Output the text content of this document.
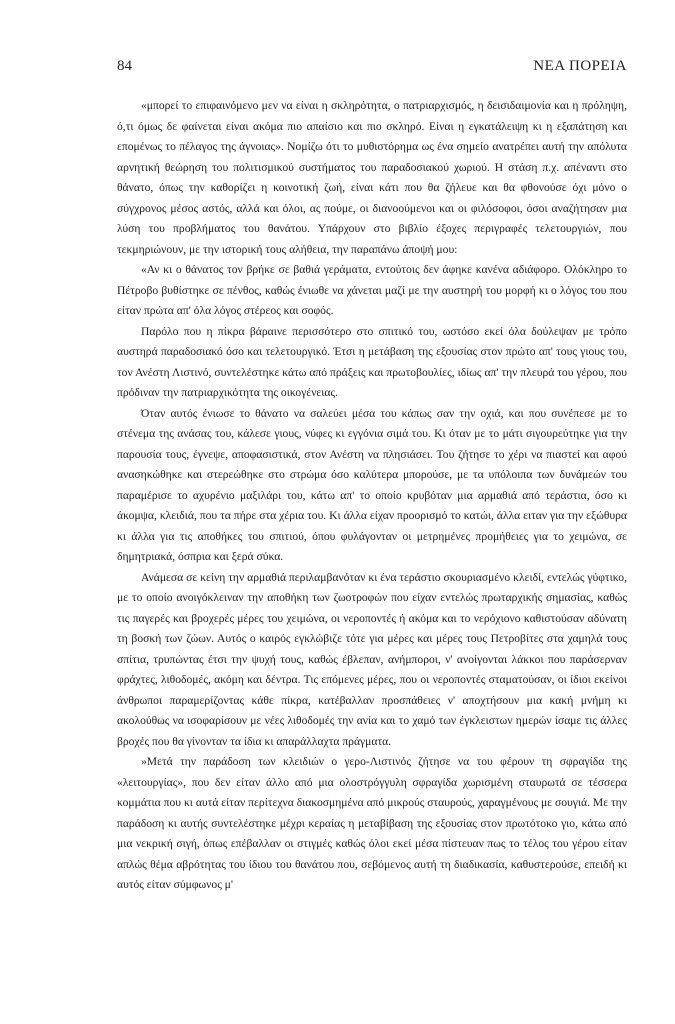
84	ΝΕΑ ΠΟΡΕΙΑ

«μπορεί το επιφαινόμενο μεν να είναι η σκληρότητα, ο πατριαρχισμός, η δεισιδαιμονία και η πρόληψη, ό,τι όμως δε φαίνεται είναι ακόμα πιο απαίσιο και πιο σκληρό. Είναι η εγκατάλειψη κι η εξαπάτηση και επομένως το πέλαγος της άγνοιας». Νομίζω ότι το μυθιστόρημα ως ένα σημείο ανατρέπει αυτή την απόλυτα αρνητική θεώρηση του πολιτισμικού συστήματος του παραδοσιακού χωριού. Η στάση π.χ. απέναντι στο θάνατο, όπως την καθορίζει η κοινοτική ζωή, είναι κάτι που θα ζήλευε και θα φθονούσε όχι μόνο ο σύγχρονος μέσος αστός, αλλά και όλοι, ας πούμε, οι διανοούμενοι και οι φιλόσοφοι, όσοι αναζήτησαν μια λύση του προβλήματος του θανάτου. Υπάρχουν στο βιβλίο έξοχες περιγραφές τελετουργιών, που τεκμηριώνουν, με την ιστορική τους αλήθεια, την παραπάνω άποψή μου:

«Αν κι ο θάνατος τον βρήκε σε βαθιά γεράματα, εντούτοις δεν άφηκε κανένα αδιάφορο. Ολόκληρο το Πέτροβο βυθίστηκε σε πένθος, καθώς ένιωθε να χάνεται μαζί με την αυστηρή του μορφή κι ο λόγος του που είταν πρώτα απ' όλα λόγος στέρεος και σοφός.

Παρόλο που η πίκρα βάραινε περισσότερο στο σπιτικό του, ωστόσο εκεί όλα δούλεψαν με τρόπο αυστηρά παραδοσιακό όσο και τελετουργικό. Έτσι η μετάβαση της εξουσίας στον πρώτο απ' τους γιους του, τον Ανέστη Λιστινό, συντελέστηκε κάτω από πράξεις και πρωτοβουλίες, ιδίως απ' την πλευρά του γέρου, που πρόδιναν την πατριαρχικότητα της οικογένειας.

Όταν αυτός ένιωσε το θάνατο να σαλεύει μέσα του κάπως σαν την οχιά, και που συνέπεσε με το στένεμα της ανάσας του, κάλεσε γιους, νύφες κι εγγόνια σιμά του. Κι όταν με το μάτι σιγουρεύτηκε για την παρουσία τους, έγνεψε, αποφασιστικά, στον Ανέστη να πλησιάσει. Του ζήτησε το χέρι να πιαστεί και αφού ανασηκώθηκε και στερεώθηκε στο στρώμα όσο καλύτερα μπορούσε, με τα υπόλοιπα των δυνάμεών του παραμέρισε το αχυρένιο μαξιλάρι του, κάτω απ' το οποίο κρυβόταν μια αρμαθιά από τεράστια, όσο κι άκομψα, κλειδιά, που τα πήρε στα χέρια του. Κι άλλα είχαν προορισμό το κατώι, άλλα ειταν για την εξώθυρα κι άλλα για τις αποθήκες του σπιτιού, όπου φυλάγονταν οι μετρημένες προμήθειες για το χειμώνα, σε δημητριακά, όσπρια και ξερά σύκα.

Ανάμεσα σε κείνη την αρμαθιά περιλαμβανόταν κι ένα τεράστιο σκουριασμένο κλειδί, εντελώς γύφτικο, με το οποίο ανοιγόκλειναν την αποθήκη των ζωοτροφών που είχαν εντελώς πρωταρχικής σημασίας, καθώς τις παγερές και βροχερές μέρες του χειμώνα, οι νεροποντές ή ακόμα και το νερόχιονο καθιστούσαν αδύνατη τη βοσκή των ζώων. Αυτός ο καιρός εγκλώβιζε τότε για μέρες και μέρες τους Πετροβίτες στα χαμηλά τους σπίτια, τρυπώντας έτσι την ψυχή τους, καθώς έβλεπαν, ανήμποροι, ν' ανοίγονται λάκκοι που παράσερναν φράχτες, λιθοδομές, ακόμη και δέντρα. Τις επόμενες μέρες, που οι νεροποντές σταματούσαν, οι ίδιοι εκείνοι άνθρωποι παραμερίζοντας κάθε πίκρα, κατέβαλλαν προσπάθειες ν' αποχτήσουν μια κακή μνήμη κι ακολούθως να ισοφαρίσουν με νέες λιθοδομές την ανία και το χαμό των έγκλειστων ημερών ίσαμε τις άλλες βροχές που θα γίνονταν τα ίδια κι απαράλλαχτα πράγματα.

»Μετά την παράδοση των κλειδιών ο γερο-Λιστινός ζήτησε να του φέρουν τη σφραγίδα της «λειτουργίας», που δεν είταν άλλο από μια ολοστρόγγυλη σφραγίδα χωρισμένη σταυρωτά σε τέσσερα κομμάτια που κι αυτά είταν περίτεχνα διακοσμημένα από μικρούς σταυρούς, χαραγμένους με σουγιά. Με την παράδοση κι αυτής συντελέστηκε μέχρι κεραίας η μεταβίβαση της εξουσίας στον πρωτότοκο γιο, κάτω από μια νεκρική σιγή, όπως επέβαλλαν οι στιγμές καθώς όλοι εκεί μέσα πίστευαν πως το τέλος του γέρου είταν απλώς θέμα αβρότητας του ίδιου του θανάτου που, σεβόμενος αυτή τη διαδικασία, καθυστερούσε, επειδή κι αυτός είταν σύμφωνος μ'
